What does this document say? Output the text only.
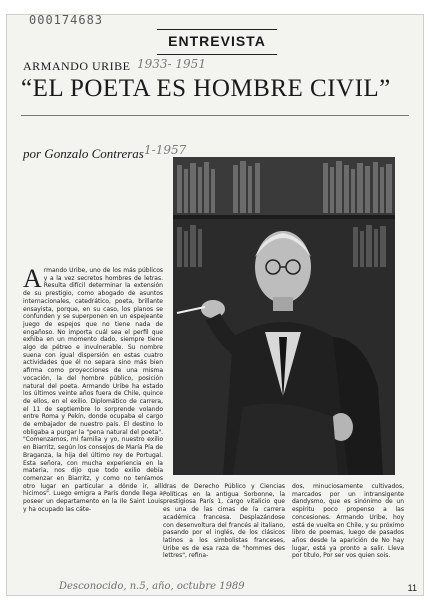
000174683
ENTREVISTA
ARMANDO URIBE 1933- 1951
“EL POETA ES HOMBRE CIVIL”
por Gonzalo Contreras 1-1957
Armando Uribe, uno de los más públicos y a la vez secretos hombres de letras. Resulta difícil determinar la extensión de su prestigio, como abogado de asuntos internacionales, catedrático, poeta, brillante ensayista, porque, en su caso, los planos se confunden y se superponen en un espejeante juego de espejos que no tiene nada de engañoso. No importa cuál sea el perfil que exhiba en un momento dado, siempre tiene algo de pétreo e invulnerable. Su nombre suena con igual dispersión en estas cuatro actividades que él no separa sino más bien afirma como proyecciones de una misma vocación, la del hombre público, posición natural del poeta. Armando Uribe ha estado los últimos veinte años fuera de Chile, quince de ellos, en el exilio. Diplomático de carrera, el 11 de septiembre lo sorprende volando entre Roma y Pekín, donde ocupaba el cargo de embajador de nuestro país. El destino lo obligaba a purgar la "pena natural del poeta". "Comenzamos, mi familia y yo, nuestro exilio en Biarritz, según los consejos de María Pía de Braganza, la hija del último rey de Portugal. Esta señora, con mucha experiencia en la materia, nos dijo que todo exilio debía comenzar en Biarritz, y como no teníamos otro lugar en particular a dónde ir, allí hicimos". Luego emigra a París donde llega a poseer un departamento en la Ile Saint Louis y ha ocupado las cáte-
dras de Derecho Público y Ciencias Políticas en la antigua Sorbonne, la prestigiosa París 1, cargo vitalicio que es una de las cimas de la carrera académica francesa. Desplazándose con desenvoltura del francés al italiano, pasando por el inglés, de los clásicos latinos a los simbolistas franceses, Uribe es de esa raza de "hommes des lettres", refina-
dos, minuciosamente cultivados, marcados por un intransigente dandysmo, que es sinónimo de un espíritu poco propenso a las concesiones. Armando Uribe, hoy está de vuelta en Chile, y su próximo libro de poemas, luego de pasados años desde la aparición de No hay lugar, está ya pronto a salir. Lleva por título, Por ser vos quien sois.
Desconocido, n.5, año, octubre 1989	11
